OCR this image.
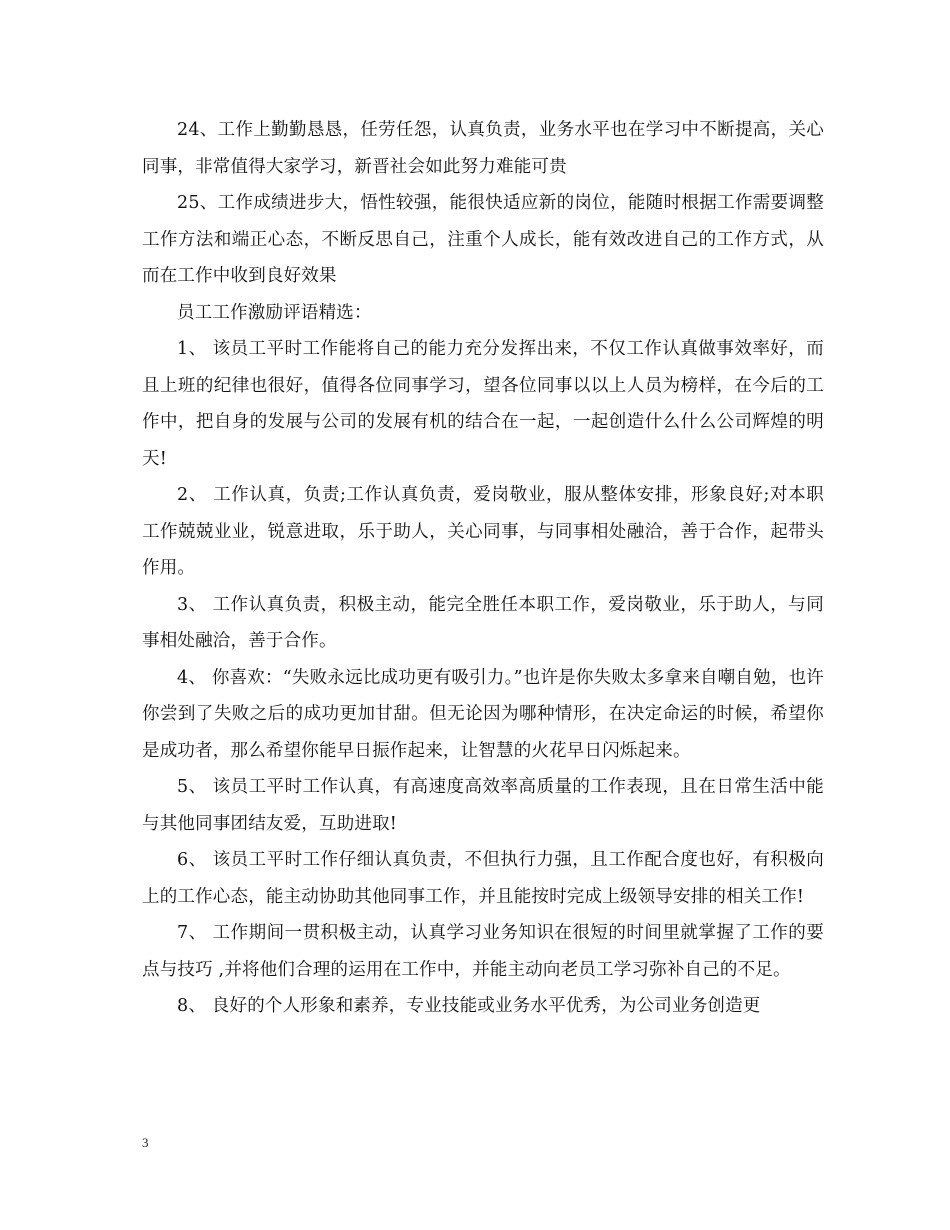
24、工作上勤勤恳恳，任劳任怨，认真负责，业务水平也在学习中不断提高，关心同事，非常值得大家学习，新晋社会如此努力难能可贵

25、工作成绩进步大，悟性较强，能很快适应新的岗位，能随时根据工作需要调整工作方法和端正心态，不断反思自己，注重个人成长，能有效改进自己的工作方式，从而在工作中收到良好效果

员工工作激励评语精选：

1、 该员工平时工作能将自己的能力充分发挥出来，不仅工作认真做事效率好，而且上班的纪律也很好，值得各位同事学习，望各位同事以以上人员为榜样，在今后的工作中，把自身的发展与公司的发展有机的结合在一起，一起创造什么什么公司辉煌的明天!

2、 工作认真，负责;工作认真负责，爱岗敬业，服从整体安排，形象良好;对本职工作兢兢业业，锐意进取，乐于助人，关心同事，与同事相处融洽，善于合作，起带头作用。

3、 工作认真负责，积极主动，能完全胜任本职工作，爱岗敬业，乐于助人，与同事相处融洽，善于合作。

4、 你喜欢：“失败永远比成功更有吸引力。”也许是你失败太多拿来自嘲自勉，也许你尝到了失败之后的成功更加甘甜。但无论因为哪种情形，在决定命运的时候，希望你是成功者，那么希望你能早日振作起来，让智慧的火花早日闪烁起来。

5、 该员工平时工作认真，有高速度高效率高质量的工作表现，且在日常生活中能与其他同事团结友爱，互助进取!

6、 该员工平时工作仔细认真负责，不但执行力强，且工作配合度也好，有积极向上的工作心态，能主动协助其他同事工作，并且能按时完成上级领导安排的相关工作!

7、 工作期间一贯积极主动，认真学习业务知识在很短的时间里就掌握了工作的要点与技巧 ,并将他们合理的运用在工作中，并能主动向老员工学习弥补自己的不足。

8、 良好的个人形象和素养，专业技能或业务水平优秀，为公司业务创造更

3
